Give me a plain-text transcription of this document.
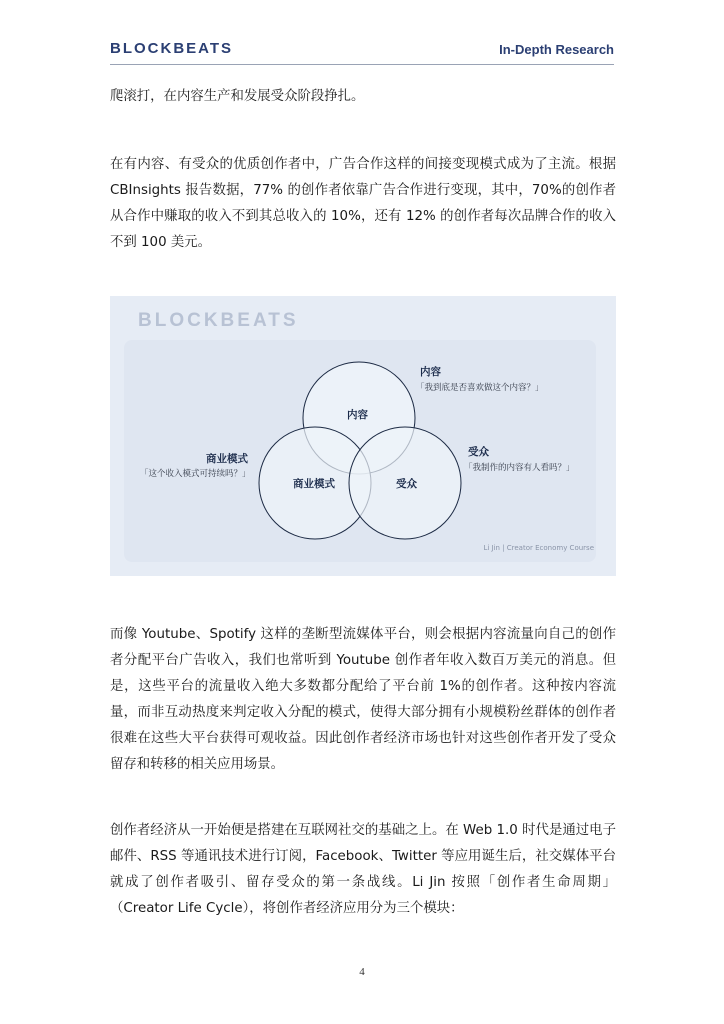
BLOCKBEATS	In-Depth Research

爬滚打，在内容生产和发展受众阶段挣扎。

在有内容、有受众的优质创作者中，广告合作这样的间接变现模式成为了主流。根据 CBInsights 报告数据，77% 的创作者依靠广告合作进行变现，其中，70%的创作者从合作中赚取的收入不到其总收入的 10%，还有 12% 的创作者每次品牌合作的收入不到 100 美元。

BLOCKBEATS
内容
商业模式	受众
内容
「我到底是否喜欢做这个内容？」
商业模式
「这个收入模式可持续吗？」
受众
「我制作的内容有人看吗？」
Li Jin | Creator Economy Course

而像 Youtube、Spotify 这样的垄断型流媒体平台，则会根据内容流量向自己的创作者分配平台广告收入，我们也常听到 Youtube 创作者年收入数百万美元的消息。但是，这些平台的流量收入绝大多数都分配给了平台前 1%的创作者。这种按内容流量，而非互动热度来判定收入分配的模式，使得大部分拥有小规模粉丝群体的创作者很难在这些大平台获得可观收益。因此创作者经济市场也针对这些创作者开发了受众留存和转移的相关应用场景。

创作者经济从一开始便是搭建在互联网社交的基础之上。在 Web 1.0 时代是通过电子邮件、RSS 等通讯技术进行订阅，Facebook、Twitter 等应用诞生后，社交媒体平台就成了创作者吸引、留存受众的第一条战线。Li Jin 按照「创作者生命周期」（Creator Life Cycle），将创作者经济应用分为三个模块：

4
